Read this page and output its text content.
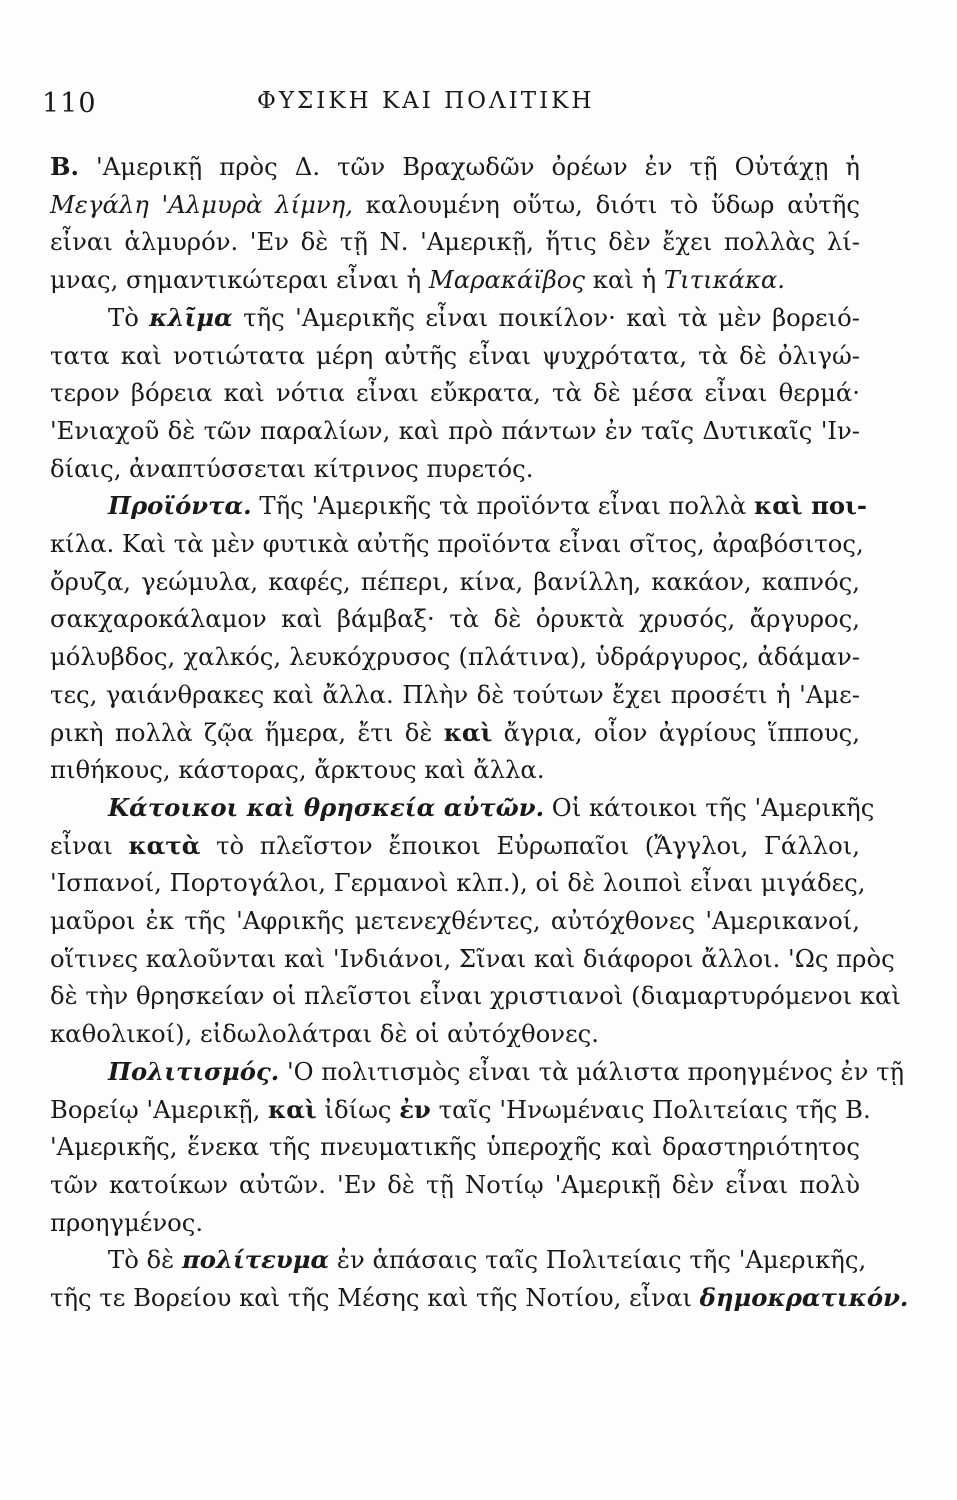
110	ΦΥΣΙΚΗ ΚΑΙ ΠΟΛΙΤΙΚΗ

Β. 'Αμερικῇ πρὸς Δ. τῶν Βραχωδῶν ὀρέων ἐν τῇ Οὐτάχῃ ἡ
Μεγάλη 'Αλμυρὰ λίμνη, καλουμένη οὕτω, διότι τὸ ὕδωρ αὐτῆς
εἶναι ἁλμυρόν. 'Εν δὲ τῇ Ν. 'Αμερικῇ, ἥτις δὲν ἔχει πολλὰς λί-
μνας, σημαντικώτεραι εἶναι ἡ Μαρακάϊβος καὶ ἡ Τιτικάκα.

Τὸ κλῖμα τῆς 'Αμερικῆς εἶναι ποικίλον· καὶ τὰ μὲν βορειό-
τατα καὶ νοτιώτατα μέρη αὐτῆς εἶναι ψυχρότατα, τὰ δὲ ὀλιγώ-
τερον βόρεια καὶ νότια εἶναι εὔκρατα, τὰ δὲ μέσα εἶναι θερμά·
'Ενιαχοῦ δὲ τῶν παραλίων, καὶ πρὸ πάντων ἐν ταῖς Δυτικαῖς 'Ιν-
δίαις, ἀναπτύσσεται κίτρινος πυρετός.

Προϊόντα. Τῆς 'Αμερικῆς τὰ προϊόντα εἶναι πολλὰ καὶ ποι-
κίλα. Καὶ τὰ μὲν φυτικὰ αὐτῆς προϊόντα εἶναι σῖτος, ἀραβόσιτος,
ὄρυζα, γεώμυλα, καφές, πέπερι, κίνα, βανίλλη, κακάον, καπνός,
σακχαροκάλαμον καὶ βάμβαξ· τὰ δὲ ὀρυκτὰ χρυσός, ἄργυρος,
μόλυβδος, χαλκός, λευκόχρυσος (πλάτινα), ὑδράργυρος, ἀδάμαν-
τες, γαιάνθρακες καὶ ἄλλα. Πλὴν δὲ τούτων ἔχει προσέτι ἡ 'Αμε-
ρικὴ πολλὰ ζῷα ἥμερα, ἔτι δὲ καὶ ἄγρια, οἷον ἀγρίους ἵππους,
πιθήκους, κάστορας, ἄρκτους καὶ ἄλλα.

Κάτοικοι καὶ θρησκεία αὐτῶν. Οἱ κάτοικοι τῆς 'Αμερικῆς
εἶναι κατὰ τὸ πλεῖστον ἔποικοι Εὐρωπαῖοι (Ἄγγλοι, Γάλλοι,
'Ισπανοί, Πορτογάλοι, Γερμανοὶ κλπ.), οἱ δὲ λοιποὶ εἶναι μιγάδες,
μαῦροι ἐκ τῆς 'Αφρικῆς μετενεχθέντες, αὐτόχθονες 'Αμερικανοί,
οἵτινες καλοῦνται καὶ 'Ινδιάνοι, Σῖναι καὶ διάφοροι ἄλλοι. 'Ως πρὸς
δὲ τὴν θρησκείαν οἱ πλεῖστοι εἶναι χριστιανοὶ (διαμαρτυρόμενοι καὶ
καθολικοί), εἰδωλολάτραι δὲ οἱ αὐτόχθονες.

Πολιτισμός. 'Ο πολιτισμὸς εἶναι τὰ μάλιστα προηγμένος ἐν τῇ
Βορείῳ 'Αμερικῇ, καὶ ἰδίως ἐν ταῖς 'Ηνωμέναις Πολιτείαις τῆς Β.
'Αμερικῆς, ἕνεκα τῆς πνευματικῆς ὑπεροχῆς καὶ δραστηριότητος
τῶν κατοίκων αὐτῶν. 'Εν δὲ τῇ Νοτίῳ 'Αμερικῇ δὲν εἶναι πολὺ
προηγμένος.

Τὸ δὲ πολίτευμα ἐν ἁπάσαις ταῖς Πολιτείαις τῆς 'Αμερικῆς,
τῆς τε Βορείου καὶ τῆς Μέσης καὶ τῆς Νοτίου, εἶναι δημοκρατικόν.
